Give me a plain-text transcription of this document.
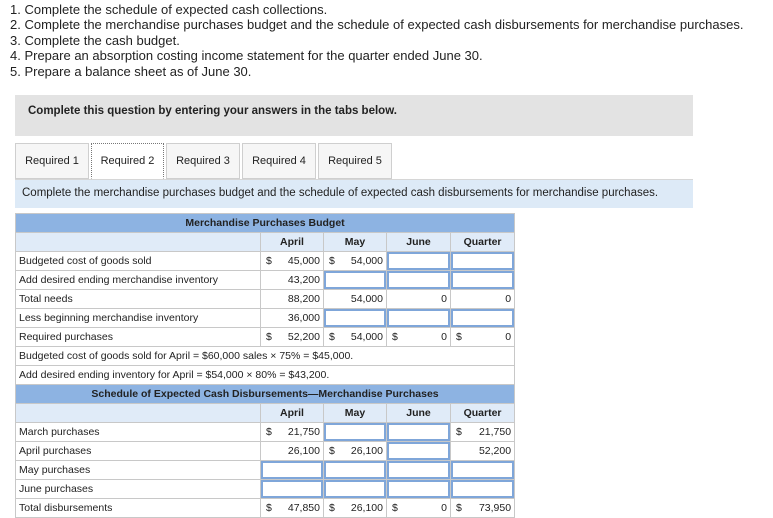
1. Complete the schedule of expected cash collections.
2. Complete the merchandise purchases budget and the schedule of expected cash disbursements for merchandise purchases.
3. Complete the cash budget.
4. Prepare an absorption costing income statement for the quarter ended June 30.
5. Prepare a balance sheet as of June 30.
Complete this question by entering your answers in the tabs below.
Required 1	Required 2	Required 3	Required 4	Required 5
Complete the merchandise purchases budget and the schedule of expected cash disbursements for merchandise purchases.
Merchandise Purchases Budget				
	April	May	June	Quarter
Budgeted cost of goods sold	$ 45,000	$ 54,000		
Add desired ending merchandise inventory	43,200			
Total needs	88,200	54,000	0	0
Less beginning merchandise inventory	36,000			
Required purchases	$ 52,200	$ 54,000	$ 0	$ 0
Budgeted cost of goods sold for April = $60,000 sales × 75% = $45,000.				
Add desired ending inventory for April = $54,000 × 80% = $43,200.				
Schedule of Expected Cash Disbursements—Merchandise Purchases				
	April	May	June	Quarter
March purchases	$ 21,750			$ 21,750
April purchases	26,100	$ 26,100		52,200
May purchases				
June purchases				
Total disbursements	$ 47,850	$ 26,100	$ 0	$ 73,950
